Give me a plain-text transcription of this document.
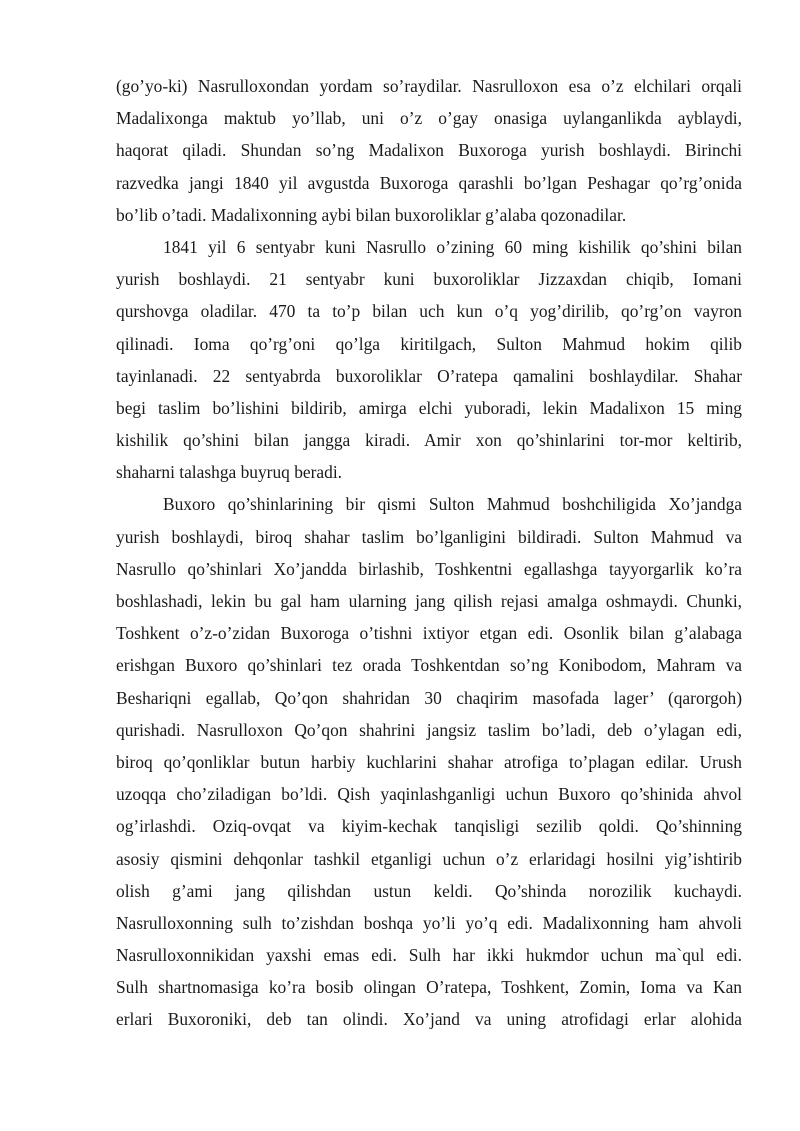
(go’yo-ki) Nasrulloxondan yordam so’raydilar. Nasrulloxon esa o’z elchilari orqali
Madalixonga maktub yo’llab, uni o’z o’gay onasiga uylanganlikda ayblaydi,
haqorat qiladi. Shundan so’ng Madalixon Buxoroga yurish boshlaydi. Birinchi
razvedka jangi 1840 yil avgustda Buxoroga qarashli bo’lgan Peshagar qo’rg’onida
bo’lib o’tadi. Madalixonning aybi bilan buxoroliklar g’alaba qozonadilar.
1841 yil 6 sentyabr kuni Nasrullo o’zining 60 ming kishilik qo’shini bilan
yurish boshlaydi. 21 sentyabr kuni buxoroliklar Jizzaxdan chiqib, Iomani
qurshovga oladilar. 470 ta to’p bilan uch kun o’q yog’dirilib, qo’rg’on vayron
qilinadi. Ioma qo’rg’oni qo’lga kiritilgach, Sulton Mahmud hokim qilib
tayinlanadi. 22 sentyabrda buxoroliklar O’ratepa qamalini boshlaydilar. Shahar
begi taslim bo’lishini bildirib, amirga elchi yuboradi, lekin Madalixon 15 ming
kishilik qo’shini bilan jangga kiradi. Amir xon qo’shinlarini tor-mor keltirib,
shaharni talashga buyruq beradi.
Buxoro qo’shinlarining bir qismi Sulton Mahmud boshchiligida Xo’jandga
yurish boshlaydi, biroq shahar taslim bo’lganligini bildiradi. Sulton Mahmud va
Nasrullo qo’shinlari Xo’jandda birlashib, Toshkentni egallashga tayyorgarlik ko’ra
boshlashadi, lekin bu gal ham ularning jang qilish rejasi amalga oshmaydi. Chunki,
Toshkent o’z-o’zidan Buxoroga o’tishni ixtiyor etgan edi. Osonlik bilan g’alabaga
erishgan Buxoro qo’shinlari tez orada Toshkentdan so’ng Konibodom, Mahram va
Beshariqni egallab, Qo’qon shahridan 30 chaqirim masofada lager’ (qarorgoh)
qurishadi. Nasrulloxon Qo’qon shahrini jangsiz taslim bo’ladi, deb o’ylagan edi,
biroq qo’qonliklar butun harbiy kuchlarini shahar atrofiga to’plagan edilar. Urush
uzoqqa cho’ziladigan bo’ldi. Qish yaqinlashganligi uchun Buxoro qo’shinida ahvol
og’irlashdi. Oziq-ovqat va kiyim-kechak tanqisligi sezilib qoldi. Qo’shinning
asosiy qismini dehqonlar tashkil etganligi uchun o’z erlaridagi hosilni yig’ishtirib
olish g’ami jang qilishdan ustun keldi. Qo’shinda norozilik kuchaydi.
Nasrulloxonning sulh to’zishdan boshqa yo’li yo’q edi. Madalixonning ham ahvoli
Nasrulloxonnikidan yaxshi emas edi. Sulh har ikki hukmdor uchun ma`qul edi.
Sulh shartnomasiga ko’ra bosib olingan O’ratepa, Toshkent, Zomin, Ioma va Kan
erlari Buxoroniki, deb tan olindi. Xo’jand va uning atrofidagi erlar alohida
